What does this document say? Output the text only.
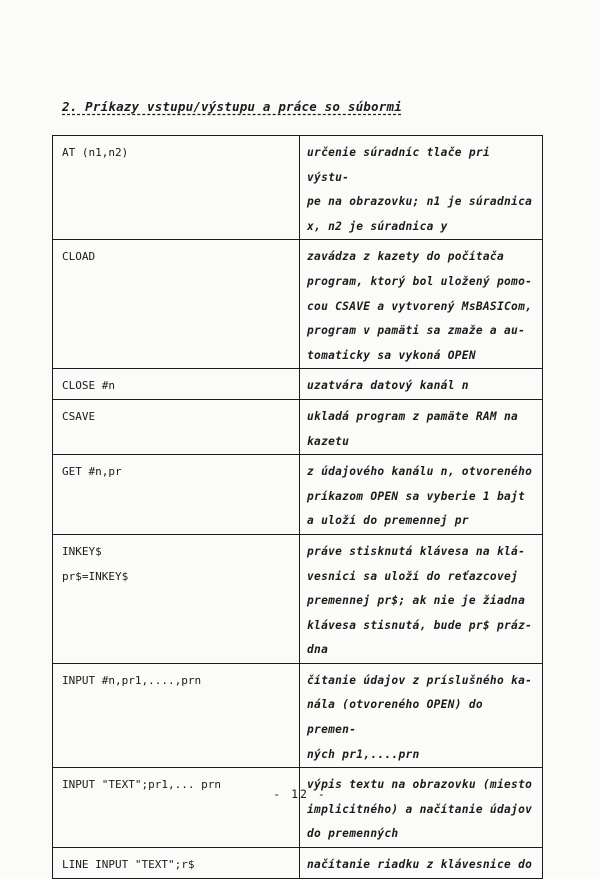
2. Príkazy vstupu/výstupu a práce so súbormi
AT (n1,n2)	určenie súradníc tlače pri výstu-
pe na obrazovku; n1 je súradnica
x, n2 je súradnica y
CLOAD	zavádza z kazety do počítača
program, ktorý bol uložený pomo-
cou CSAVE a vytvorený MsBASICom,
program v pamäti sa zmaže a au-
tomaticky sa vykoná OPEN
CLOSE #n	uzatvára datový kanál n
CSAVE	ukladá program z pamäte RAM na
kazetu
GET #n,pr	z údajového kanálu n, otvoreného
príkazom OPEN sa vyberie 1 bajt
a uloží do premennej pr
INKEY$
pr$=INKEY$	práve stisknutá klávesa na klá-
vesnici sa uloží do reťazcovej
premennej pr$; ak nie je žiadna
klávesa stisnutá, bude pr$ práz-
dna
INPUT #n,pr1,....,prn	čítanie údajov z príslušného ka-
nála (otvoreného OPEN) do premen-
ných pr1,....prn
INPUT "TEXT";pr1,... prn	výpis textu na obrazovku (miesto
implicitného) a načítanie údajov
do premenných
LINE INPUT "TEXT";r$	načítanie riadku z klávesnice do
- 12 -
